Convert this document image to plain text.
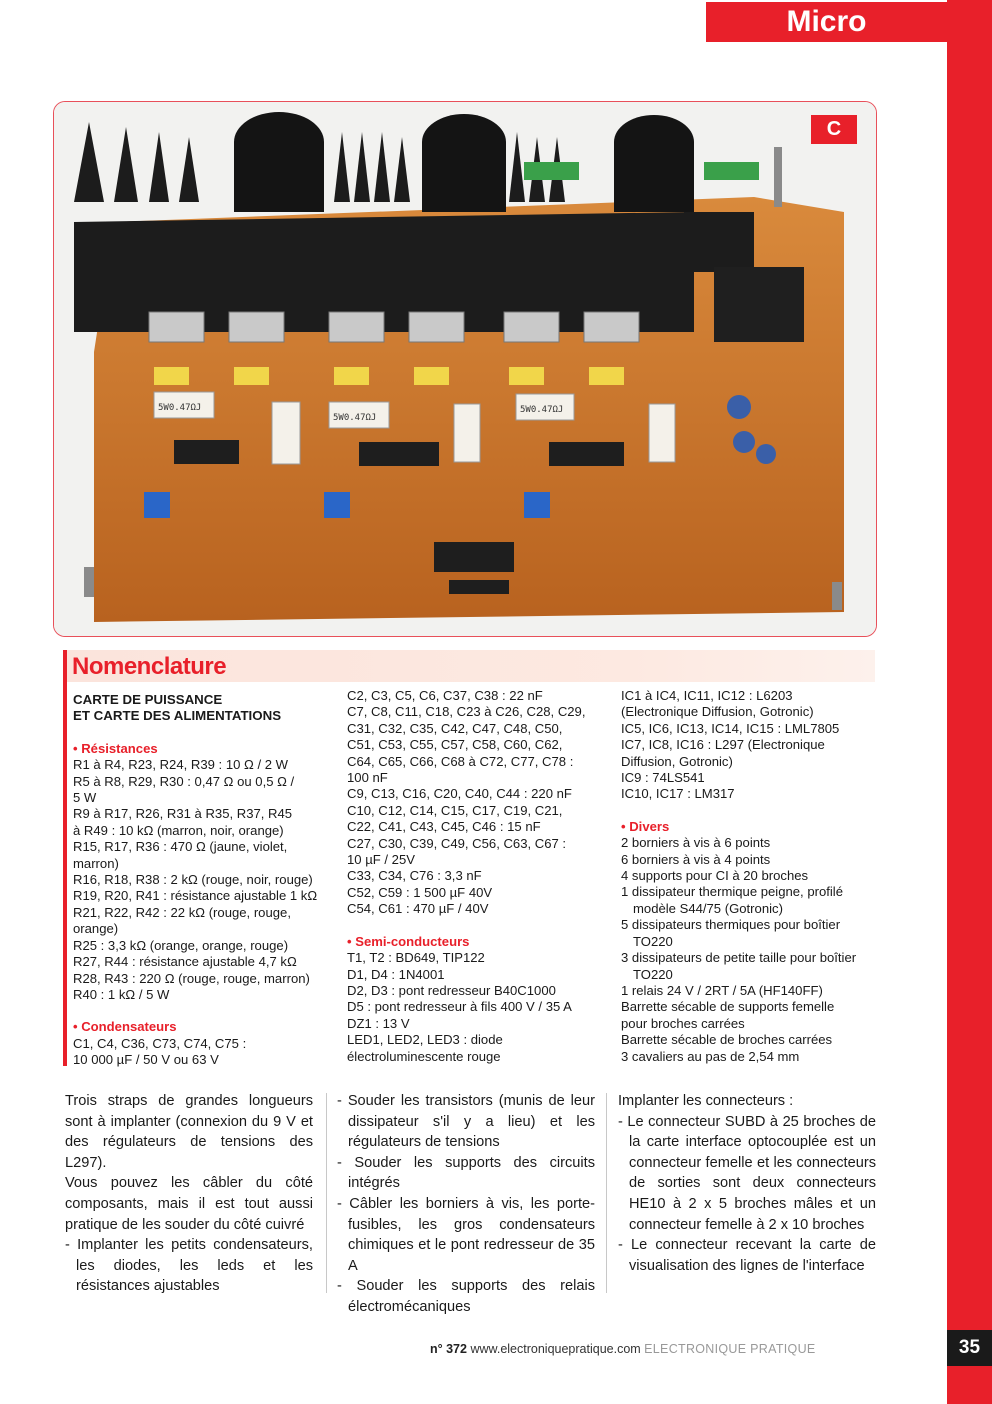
Micro
5W0.47ΩJ
5W0.47ΩJ
5W0.47ΩJ
C
Nomenclature

CARTE DE PUISSANCE

ET CARTE DES ALIMENTATIONS

• Résistances

R1 à R4, R23, R24, R39 : 10 Ω / 2 W

R5 à R8, R29, R30 : 0,47 Ω ou 0,5 Ω /

5 W

R9 à R17, R26, R31 à R35, R37, R45

à R49 : 10 kΩ (marron, noir, orange)

R15, R17, R36 : 470 Ω (jaune, violet,

marron)

R16, R18, R38 : 2 kΩ (rouge, noir, rouge)

R19, R20, R41 : résistance ajustable 1 kΩ

R21, R22, R42 : 22 kΩ (rouge, rouge,

orange)

R25 : 3,3 kΩ (orange, orange, rouge)

R27, R44 : résistance ajustable 4,7 kΩ

R28, R43 : 220 Ω (rouge, rouge, marron)

R40 : 1 kΩ / 5 W

• Condensateurs

C1, C4, C36, C73, C74, C75 :

10 000 µF / 50 V ou 63 V

C2, C3, C5, C6, C37, C38 : 22 nF

C7, C8, C11, C18, C23 à C26, C28, C29,

C31, C32, C35, C42, C47, C48, C50,

C51, C53, C55, C57, C58, C60, C62,

C64, C65, C66, C68 à C72, C77, C78 :

100 nF

C9, C13, C16, C20, C40, C44 : 220 nF

C10, C12, C14, C15, C17, C19, C21,

C22, C41, C43, C45, C46 : 15 nF

C27, C30, C39, C49, C56, C63, C67 :

10 µF / 25V

C33, C34, C76 : 3,3 nF

C52, C59 : 1 500 µF 40V

C54, C61 : 470 µF / 40V

• Semi-conducteurs

T1, T2 : BD649, TIP122

D1, D4 : 1N4001

D2, D3 : pont redresseur B40C1000

D5 : pont redresseur à fils 400 V / 35 A

DZ1 : 13 V

LED1, LED2, LED3 : diode

électroluminescente rouge

IC1 à IC4, IC11, IC12 : L6203

(Electronique Diffusion, Gotronic)

IC5, IC6, IC13, IC14, IC15 : LML7805

IC7, IC8, IC16 : L297 (Electronique

Diffusion, Gotronic)

IC9 : 74LS541

IC10, IC17 : LM317

• Divers

2 borniers à vis à 6 points

6 borniers à vis à 4 points

4 supports pour CI à 20 broches

1 dissipateur thermique peigne, profilé

modèle S44/75 (Gotronic)

5 dissipateurs thermiques pour boîtier

TO220

3 dissipateurs de petite taille pour boîtier

TO220

1 relais 24 V / 2RT / 5A (HF140FF)

Barrette sécable de supports femelle

pour broches carrées

Barrette sécable de broches carrées

3 cavaliers au pas de 2,54 mm

Trois straps de grandes longueurs sont à implanter (connexion du 9 V et des régulateurs de tensions des L297).

Vous pouvez les câbler du côté composants, mais il est tout aussi pratique de les souder du côté cuivré

- Implanter les petits condensateurs, les diodes, les leds et les résistances ajustables

- Souder les transistors (munis de leur dissipateur s'il y a lieu) et les régulateurs de tensions

- Souder les supports des circuits intégrés

- Câbler les borniers à vis, les porte-fusibles, les gros condensateurs chimiques et le pont redresseur de 35 A

- Souder les supports des relais électromécaniques

Implanter les connecteurs :

- Le connecteur SUBD à 25 broches de la carte interface optocouplée est un connecteur femelle et les connecteurs de sorties sont deux connecteurs HE10 à 2 x 5 broches mâles et un connecteur femelle à 2 x 10 broches

- Le connecteur recevant la carte de visualisation des lignes de l'interface

n° 372 www.electroniquepratique.com ELECTRONIQUE PRATIQUE	35
